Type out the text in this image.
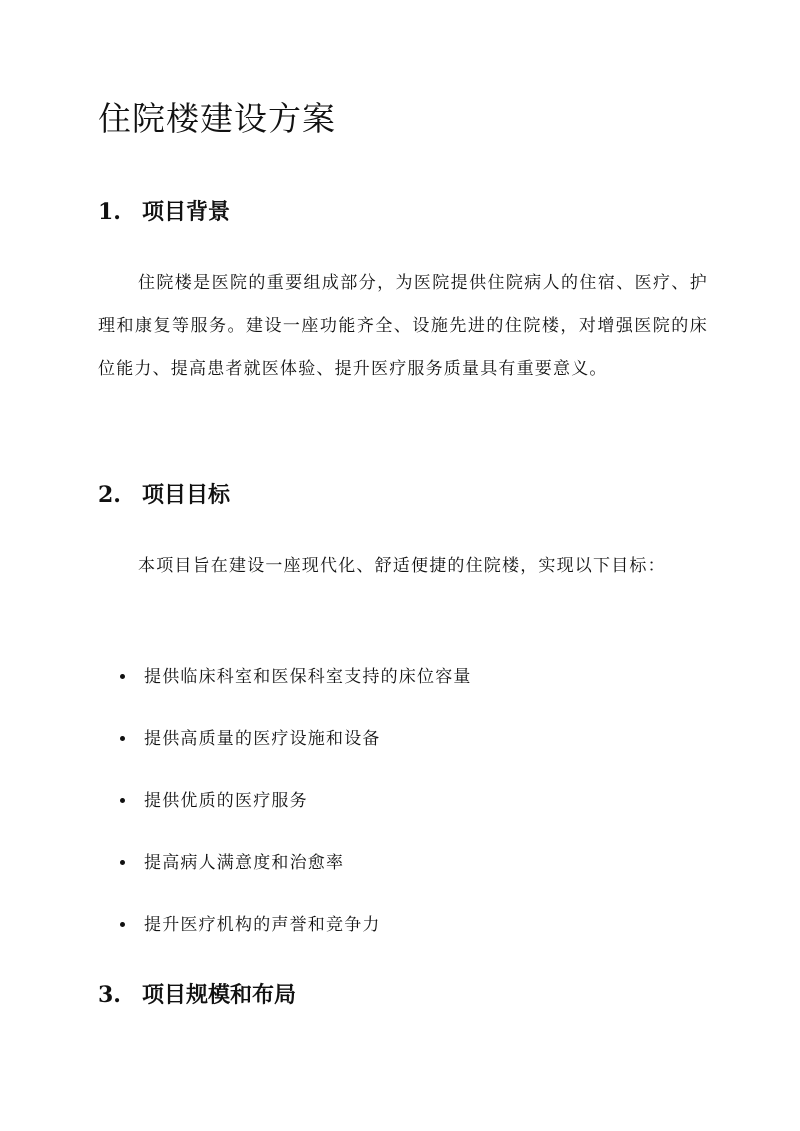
住院楼建设方案
1. 项目背景
住院楼是医院的重要组成部分，为医院提供住院病人的住宿、医疗、护理和康复等服务。建设一座功能齐全、设施先进的住院楼，对增强医院的床位能力、提高患者就医体验、提升医疗服务质量具有重要意义。
2. 项目目标
本项目旨在建设一座现代化、舒适便捷的住院楼，实现以下目标：
提供临床科室和医保科室支持的床位容量
提供高质量的医疗设施和设备
提供优质的医疗服务
提高病人满意度和治愈率
提升医疗机构的声誉和竞争力
3. 项目规模和布局
